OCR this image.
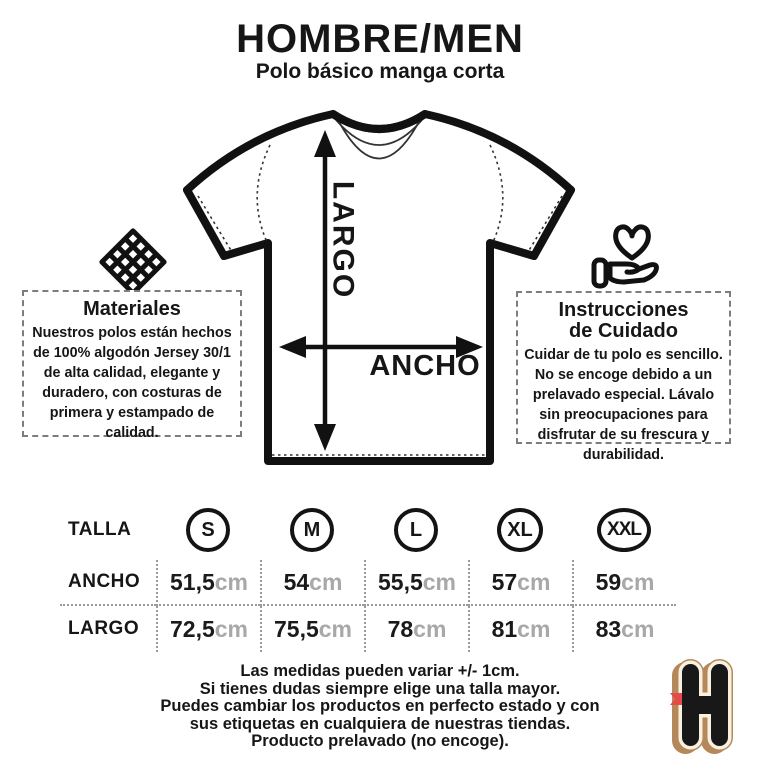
HOMBRE/MEN
Polo básico manga corta
LARGO
ANCHO
Materiales
Nuestros polos están hechos de 100% algodón Jersey 30/1 de alta calidad, elegante y duradero, con costuras de primera y estampado de calidad.
Instrucciones
de Cuidado
Cuidar de tu polo es sencillo. No se encoge debido a un prelavado especial. Lávalo sin preocupaciones para disfrutar de su frescura y durabilidad.
TALLA	S	M	L	XL	XXL
ANCHO	51,5 cm 54 cm 55,5 cm 57 cm 59 cm
LARGO	72,5 cm 75,5 cm 78 cm 81 cm 83 cm
Las medidas pueden variar +/- 1cm.
Si tienes dudas siempre elige una talla mayor.
Puedes cambiar los productos en perfecto estado y con
sus etiquetas en cualquiera de nuestras tiendas.
Producto prelavado (no encoge).
